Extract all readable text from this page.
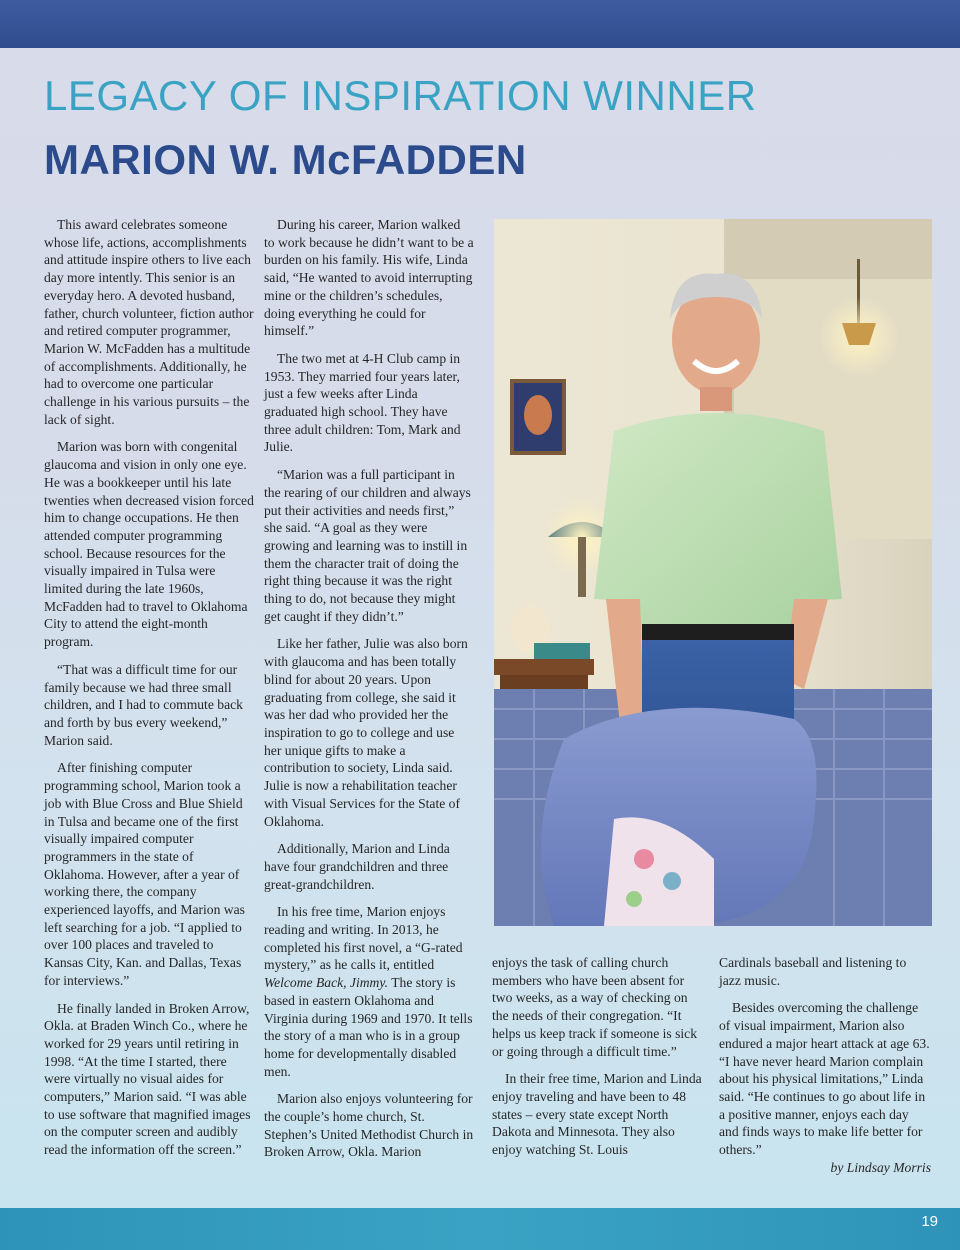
LEGACY OF INSPIRATION WINNER
MARION W. McFADDEN

This award celebrates someone whose life, actions, accomplishments and attitude inspire others to live each day more intently. This senior is an everyday hero. A devoted husband, father, church volunteer, fiction author and retired computer programmer, Marion W. McFadden has a multitude of accomplishments. Additionally, he had to overcome one particular challenge in his various pursuits – the lack of sight.

Marion was born with congenital glaucoma and vision in only one eye. He was a bookkeeper until his late twenties when decreased vision forced him to change occupations. He then attended computer programming school. Because resources for the visually impaired in Tulsa were limited during the late 1960s, McFadden had to travel to Oklahoma City to attend the eight-month program.

“That was a difficult time for our family because we had three small children, and I had to commute back and forth by bus every weekend,” Marion said.

After finishing computer programming school, Marion took a job with Blue Cross and Blue Shield in Tulsa and became one of the first visually impaired computer programmers in the state of Oklahoma. However, after a year of working there, the company experienced layoffs, and Marion was left searching for a job. “I applied to over 100 places and traveled to Kansas City, Kan. and Dallas, Texas for interviews.”

He finally landed in Broken Arrow, Okla. at Braden Winch Co., where he worked for 29 years until retiring in 1998. “At the time I started, there were virtually no visual aides for computers,” Marion said. “I was able to use software that magnified images on the computer screen and audibly read the information off the screen.”

During his career, Marion walked to work because he didn’t want to be a burden on his family. His wife, Linda said, “He wanted to avoid interrupting mine or the children’s schedules, doing everything he could for himself.”

The two met at 4-H Club camp in 1953. They married four years later, just a few weeks after Linda graduated high school. They have three adult children: Tom, Mark and Julie.

“Marion was a full participant in the rearing of our children and always put their activities and needs first,” she said. “A goal as they were growing and learning was to instill in them the character trait of doing the right thing because it was the right thing to do, not because they might get caught if they didn’t.”

Like her father, Julie was also born with glaucoma and has been totally blind for about 20 years. Upon graduating from college, she said it was her dad who provided her the inspiration to go to college and use her unique gifts to make a contribution to society, Linda said. Julie is now a rehabilitation teacher with Visual Services for the State of Oklahoma.

Additionally, Marion and Linda have four grandchildren and three great-grandchildren.

In his free time, Marion enjoys reading and writing. In 2013, he completed his first novel, a “G-rated mystery,” as he calls it, entitled Welcome Back, Jimmy. The story is based in eastern Oklahoma and Virginia during 1969 and 1970. It tells the story of a man who is in a group home for developmentally disabled men.

Marion also enjoys volunteering for the couple’s home church, St. Stephen’s United Methodist Church in Broken Arrow, Okla. Marion

enjoys the task of calling church members who have been absent for two weeks, as a way of checking on the needs of their congregation. “It helps us keep track if someone is sick or going through a difficult time.”

In their free time, Marion and Linda enjoy traveling and have been to 48 states – every state except North Dakota and Minnesota. They also enjoy watching St. Louis

Cardinals baseball and listening to jazz music.

Besides overcoming the challenge of visual impairment, Marion also endured a major heart attack at age 63. “I have never heard Marion complain about his physical limitations,” Linda said. “He continues to go about life in a positive manner, enjoys each day and finds ways to make life better for others.”

by Lindsay Morris

19
